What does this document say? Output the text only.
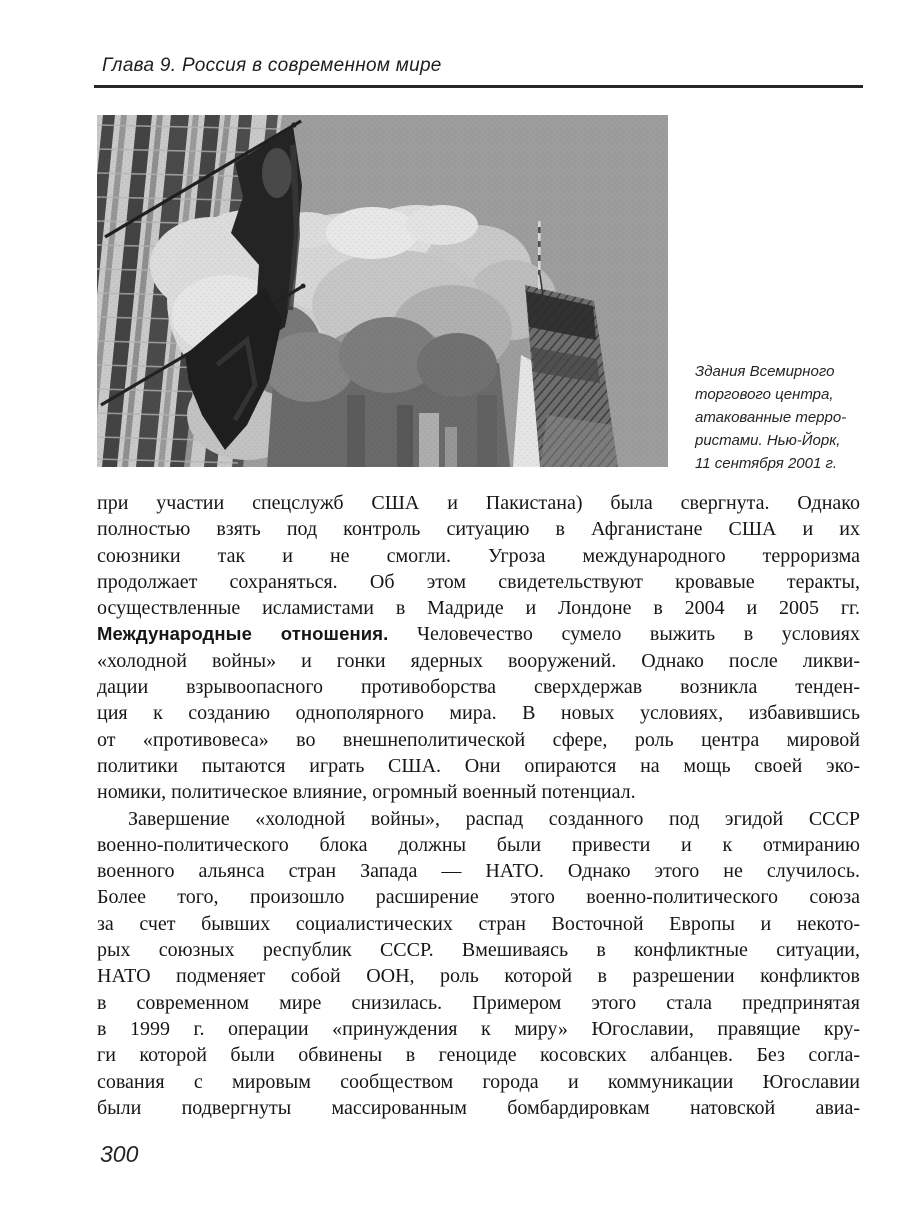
Глава 9. Россия в современном мире
Здания Всемирного
торгового центра,
атакованные терро-
ристами. Нью-Йорк,
11 сентября 2001 г.
при участии спецслужб США и Пакистана) была свергнута. Однако
полностью взять под контроль ситуацию в Афганистане США и их
союзники так и не смогли. Угроза международного терроризма
продолжает сохраняться. Об этом свидетельствуют кровавые теракты,
осуществленные исламистами в Мадриде и Лондоне в 2004 и 2005 гг.
Международные отношения. Человечество сумело выжить в условиях
«холодной войны» и гонки ядерных вооружений. Однако после ликви-
дации взрывоопасного противоборства сверхдержав возникла тенден-
ция к созданию однополярного мира. В новых условиях, избавившись
от «противовеса» во внешнеполитической сфере, роль центра мировой
политики пытаются играть США. Они опираются на мощь своей эко-
номики, политическое влияние, огромный военный потенциал.
Завершение «холодной войны», распад созданного под эгидой СССР
военно-политического блока должны были привести и к отмиранию
военного альянса стран Запада — НАТО. Однако этого не случилось.
Более того, произошло расширение этого военно-политического союза
за счет бывших социалистических стран Восточной Европы и некото-
рых союзных республик СССР. Вмешиваясь в конфликтные ситуации,
НАТО подменяет собой ООН, роль которой в разрешении конфликтов
в современном мире снизилась. Примером этого стала предпринятая
в 1999 г. операции «принуждения к миру» Югославии, правящие кру-
ги которой были обвинены в геноциде косовских албанцев. Без согла-
сования с мировым сообществом города и коммуникации Югославии
были подвергнуты массированным бомбардировкам натовской авиа-
300
